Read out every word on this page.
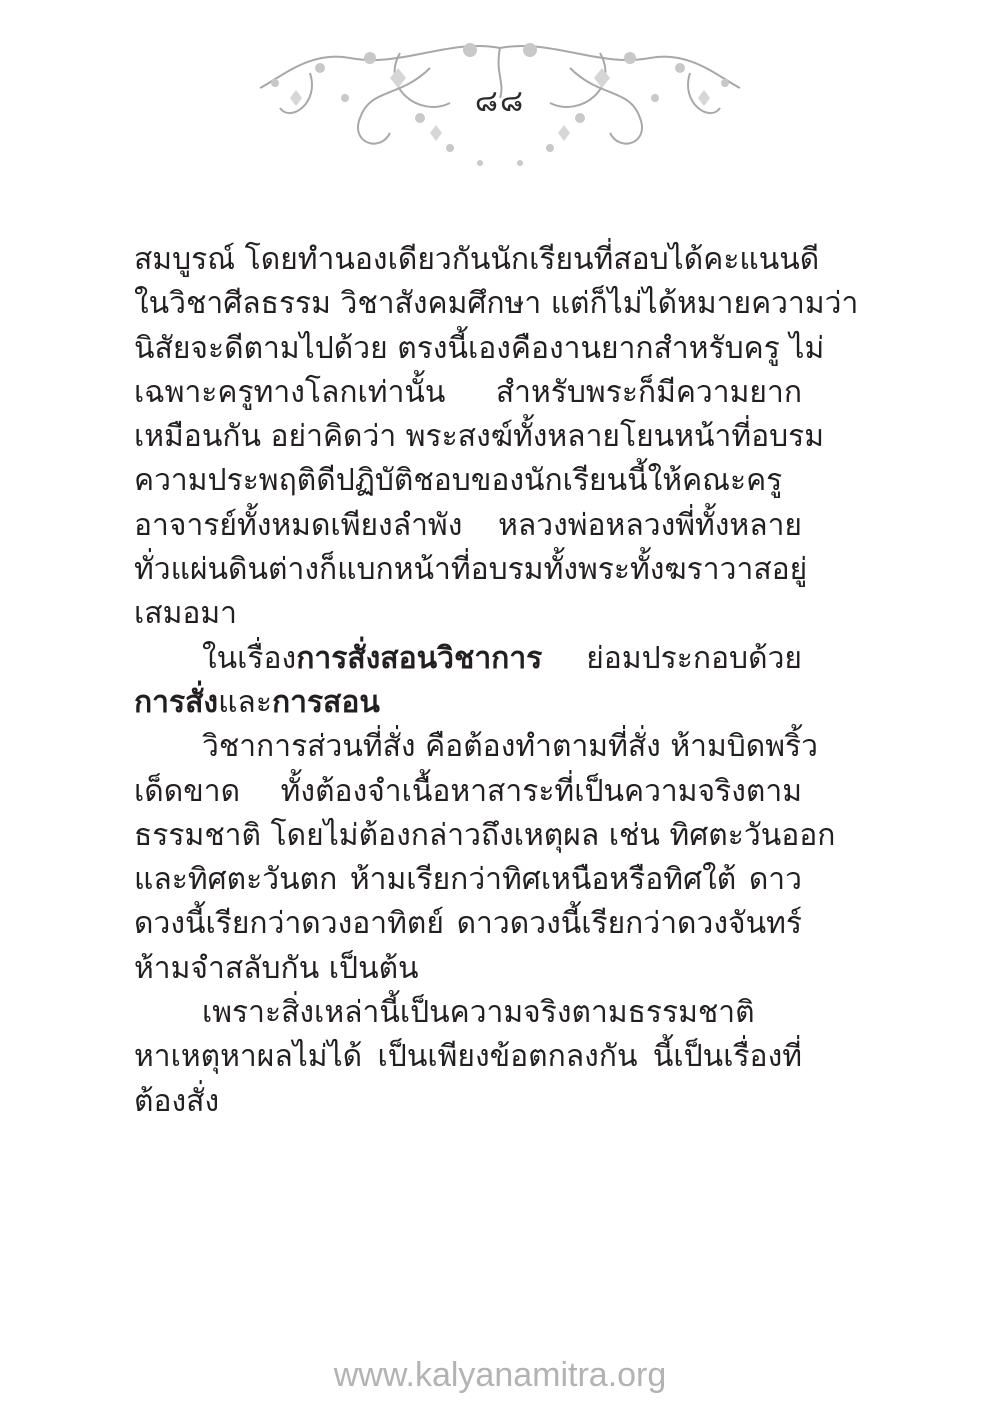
๘๘
สมบูรณ์ โดยทำนองเดียวกันนักเรียนที่สอบได้คะแนนดี
ในวิชาศีลธรรม วิชาสังคมศึกษา แต่ก็ไม่ได้หมายความว่า
นิสัยจะดีตามไปด้วย ตรงนี้เองคืองานยากสำหรับครู ไม่
เฉพาะครูทางโลกเท่านั้น สำหรับพระก็มีความยาก
เหมือนกัน อย่าคิดว่า พระสงฆ์ทั้งหลายโยนหน้าที่อบรม
ความประพฤติดีปฏิบัติชอบของนักเรียนนี้ให้คณะครู
อาจารย์ทั้งหมดเพียงลำพัง หลวงพ่อหลวงพี่ทั้งหลาย
ทั่วแผ่นดินต่างก็แบกหน้าที่อบรมทั้งพระทั้งฆราวาสอยู่
เสมอมา
ในเรื่องการสั่งสอนวิชาการ ย่อมประกอบด้วย
การสั่งและการสอน
วิชาการส่วนที่สั่ง คือต้องทำตามที่สั่ง ห้ามบิดพริ้ว
เด็ดขาด ทั้งต้องจำเนื้อหาสาระที่เป็นความจริงตาม
ธรรมชาติ โดยไม่ต้องกล่าวถึงเหตุผล เช่น ทิศตะวันออก
และทิศตะวันตก ห้ามเรียกว่าทิศเหนือหรือทิศใต้ ดาว
ดวงนี้เรียกว่าดวงอาทิตย์ ดาวดวงนี้เรียกว่าดวงจันทร์
ห้ามจำสลับกัน เป็นต้น
เพราะสิ่งเหล่านี้เป็นความจริงตามธรรมชาติ
หาเหตุหาผลไม่ได้ เป็นเพียงข้อตกลงกัน นี้เป็นเรื่องที่
ต้องสั่ง
www.kalyanamitra.org
